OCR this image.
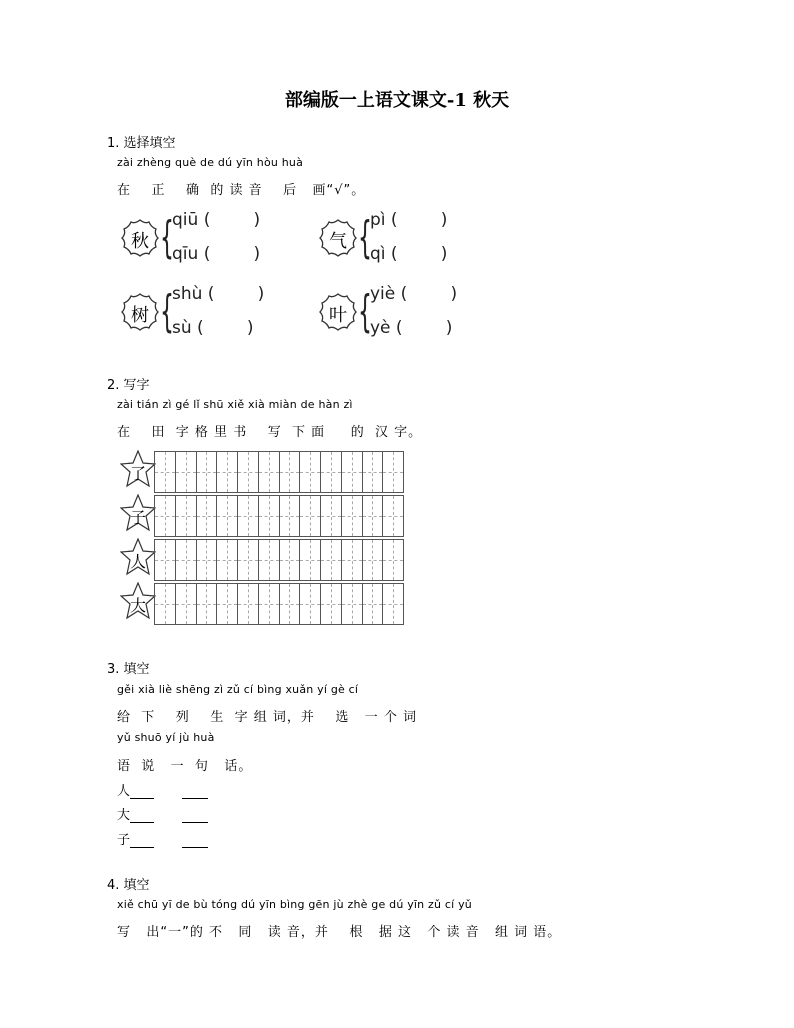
部编版一上语文课文-1 秋天
1. 选择填空
zài zhèng què de dú yīn hòu huà
在    正    确  的 读 音    后   画“√”。
秋 {
qiū (        )
qīu (        )
气 {
pì (        )
qì (        )
树 {
shù (        )
sù (        )
叶 {
yiè (        )
yè (        )
2. 写字
zài tián zì gé lǐ shū xiě xià miàn de hàn zì
在    田  字 格 里 书    写  下 面     的  汉 字。
了
子
人
大
3. 填空
gěi xià liè shēng zì zǔ cí bìng xuǎn yí gè cí
给  下    列    生  字 组 词，并    选   一 个 词
yǔ shuō yí jù huà
语  说   一  句   话。
人
大
子
4. 填空
xiě chū yī de bù tóng dú yīn bìng gēn jù zhè ge dú yīn zǔ cí yǔ
写   出“一”的 不   同   读 音，并    根   据 这   个 读 音   组 词 语。
